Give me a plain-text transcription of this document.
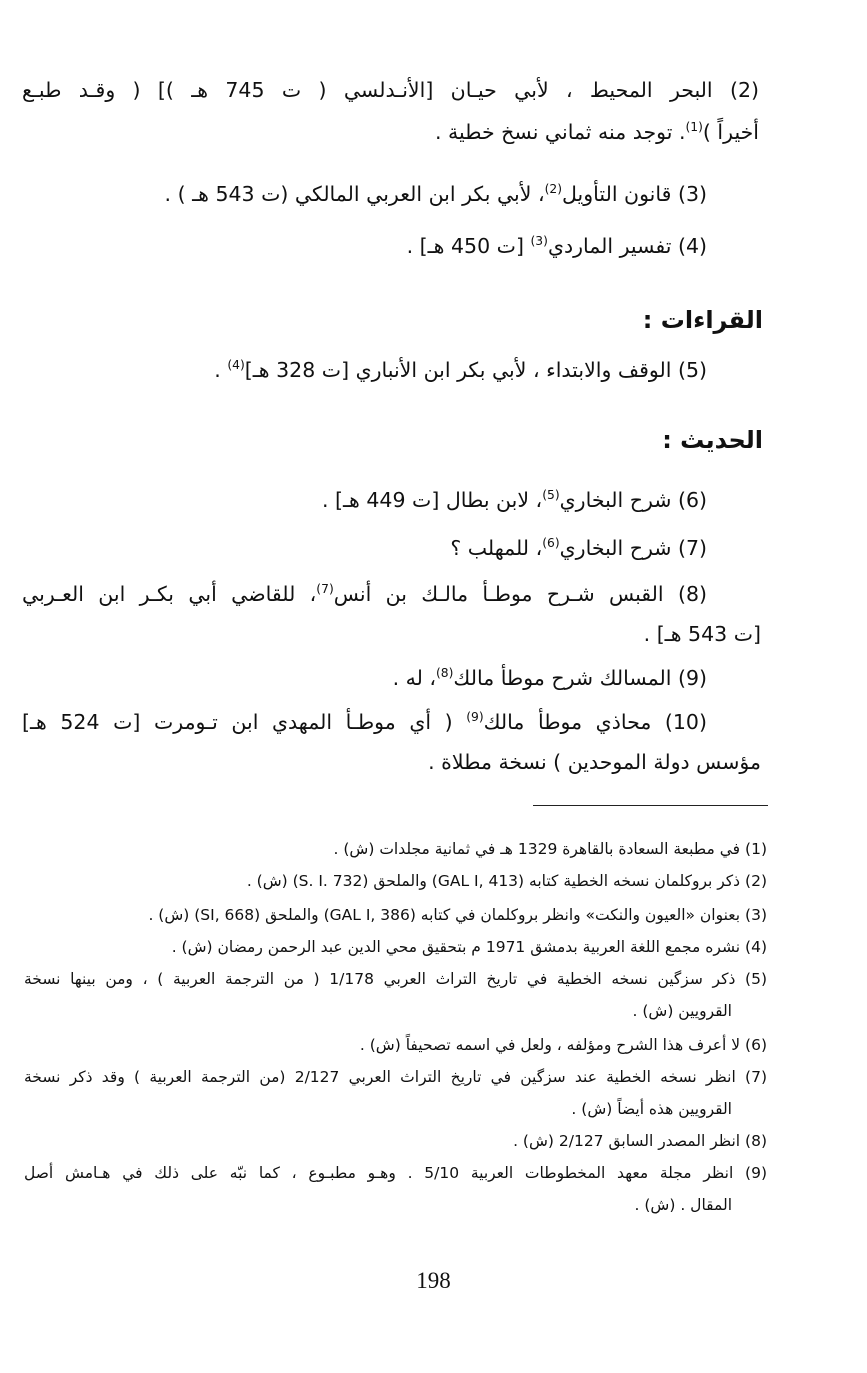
(2) البحر المحيط ، لأبي حيـان [الأنـدلسي ( ت 745 هـ )] ( وقـد طبـع

أخيراً )$^{(1)}$. توجد منه ثماني نسخ خطية .

(3) قانون التأويل$^{(2)}$، لأبي بكر ابن العربي المالكي (ت 543 هـ ) .

(4) تفسير الماردي$^{(3)}$ [ت 450 هـ] .

القراءات :

(5) الوقف والابتداء ، لأبي بكر ابن الأنباري [ت 328 هـ]$^{(4)}$ .

الحديث :

(6) شرح البخاري$^{(5)}$، لابن بطال [ت 449 هـ] .

(7) شرح البخاري$^{(6)}$، للمهلب ؟

(8) القبس شـرح موطـأ مالـك بن أنس$^{(7)}$، للقاضي أبي بكـر ابن العـربي

[ت 543 هـ] .

(9) المسالك شرح موطأ مالك$^{(8)}$، له .

(10) محاذي موطأ مالك$^{(9)}$ ( أي موطـأ المهدي ابن تـومرت [ت 524 هـ]

مؤسس دولة الموحدين ) نسخة مطلاة .

(1) في مطبعة السعادة بالقاهرة 1329 هـ في ثمانية مجلدات (ش) .

(2) ذكر بروكلمان نسخه الخطية كتابه (GAL I, 413) والملحق (S. I. 732) (ش) .

(3) بعنوان «العيون والنكت» وانظر بروكلمان في كتابه (GAL I, 386) والملحق (SI, 668) (ش) .

(4) نشره مجمع اللغة العربية بدمشق 1971 م بتحقيق محي الدين عبد الرحمن رمضان (ش) .

(5) ذكر سزگين نسخه الخطية في تاريخ التراث العربي 1/178 ( من الترجمة العربية ) ، ومن بينها نسخة

القرويين (ش) .

(6) لا أعرف هذا الشرح ومؤلفه ، ولعل في اسمه تصحيفاً (ش) .

(7) انظر نسخه الخطية عند سزگين في تاريخ التراث العربي 2/127 (من الترجمة العربية ) وقد ذكر نسخة

القرويين هذه أيضاً (ش) .

(8) انظر المصدر السابق 2/127 (ش) .

(9) انظر مجلة معهد المخطوطات العربية 5/10 . وهـو مطبـوع ، كما نبّه على ذلك في هـامش أصل

المقال . (ش) .

198
